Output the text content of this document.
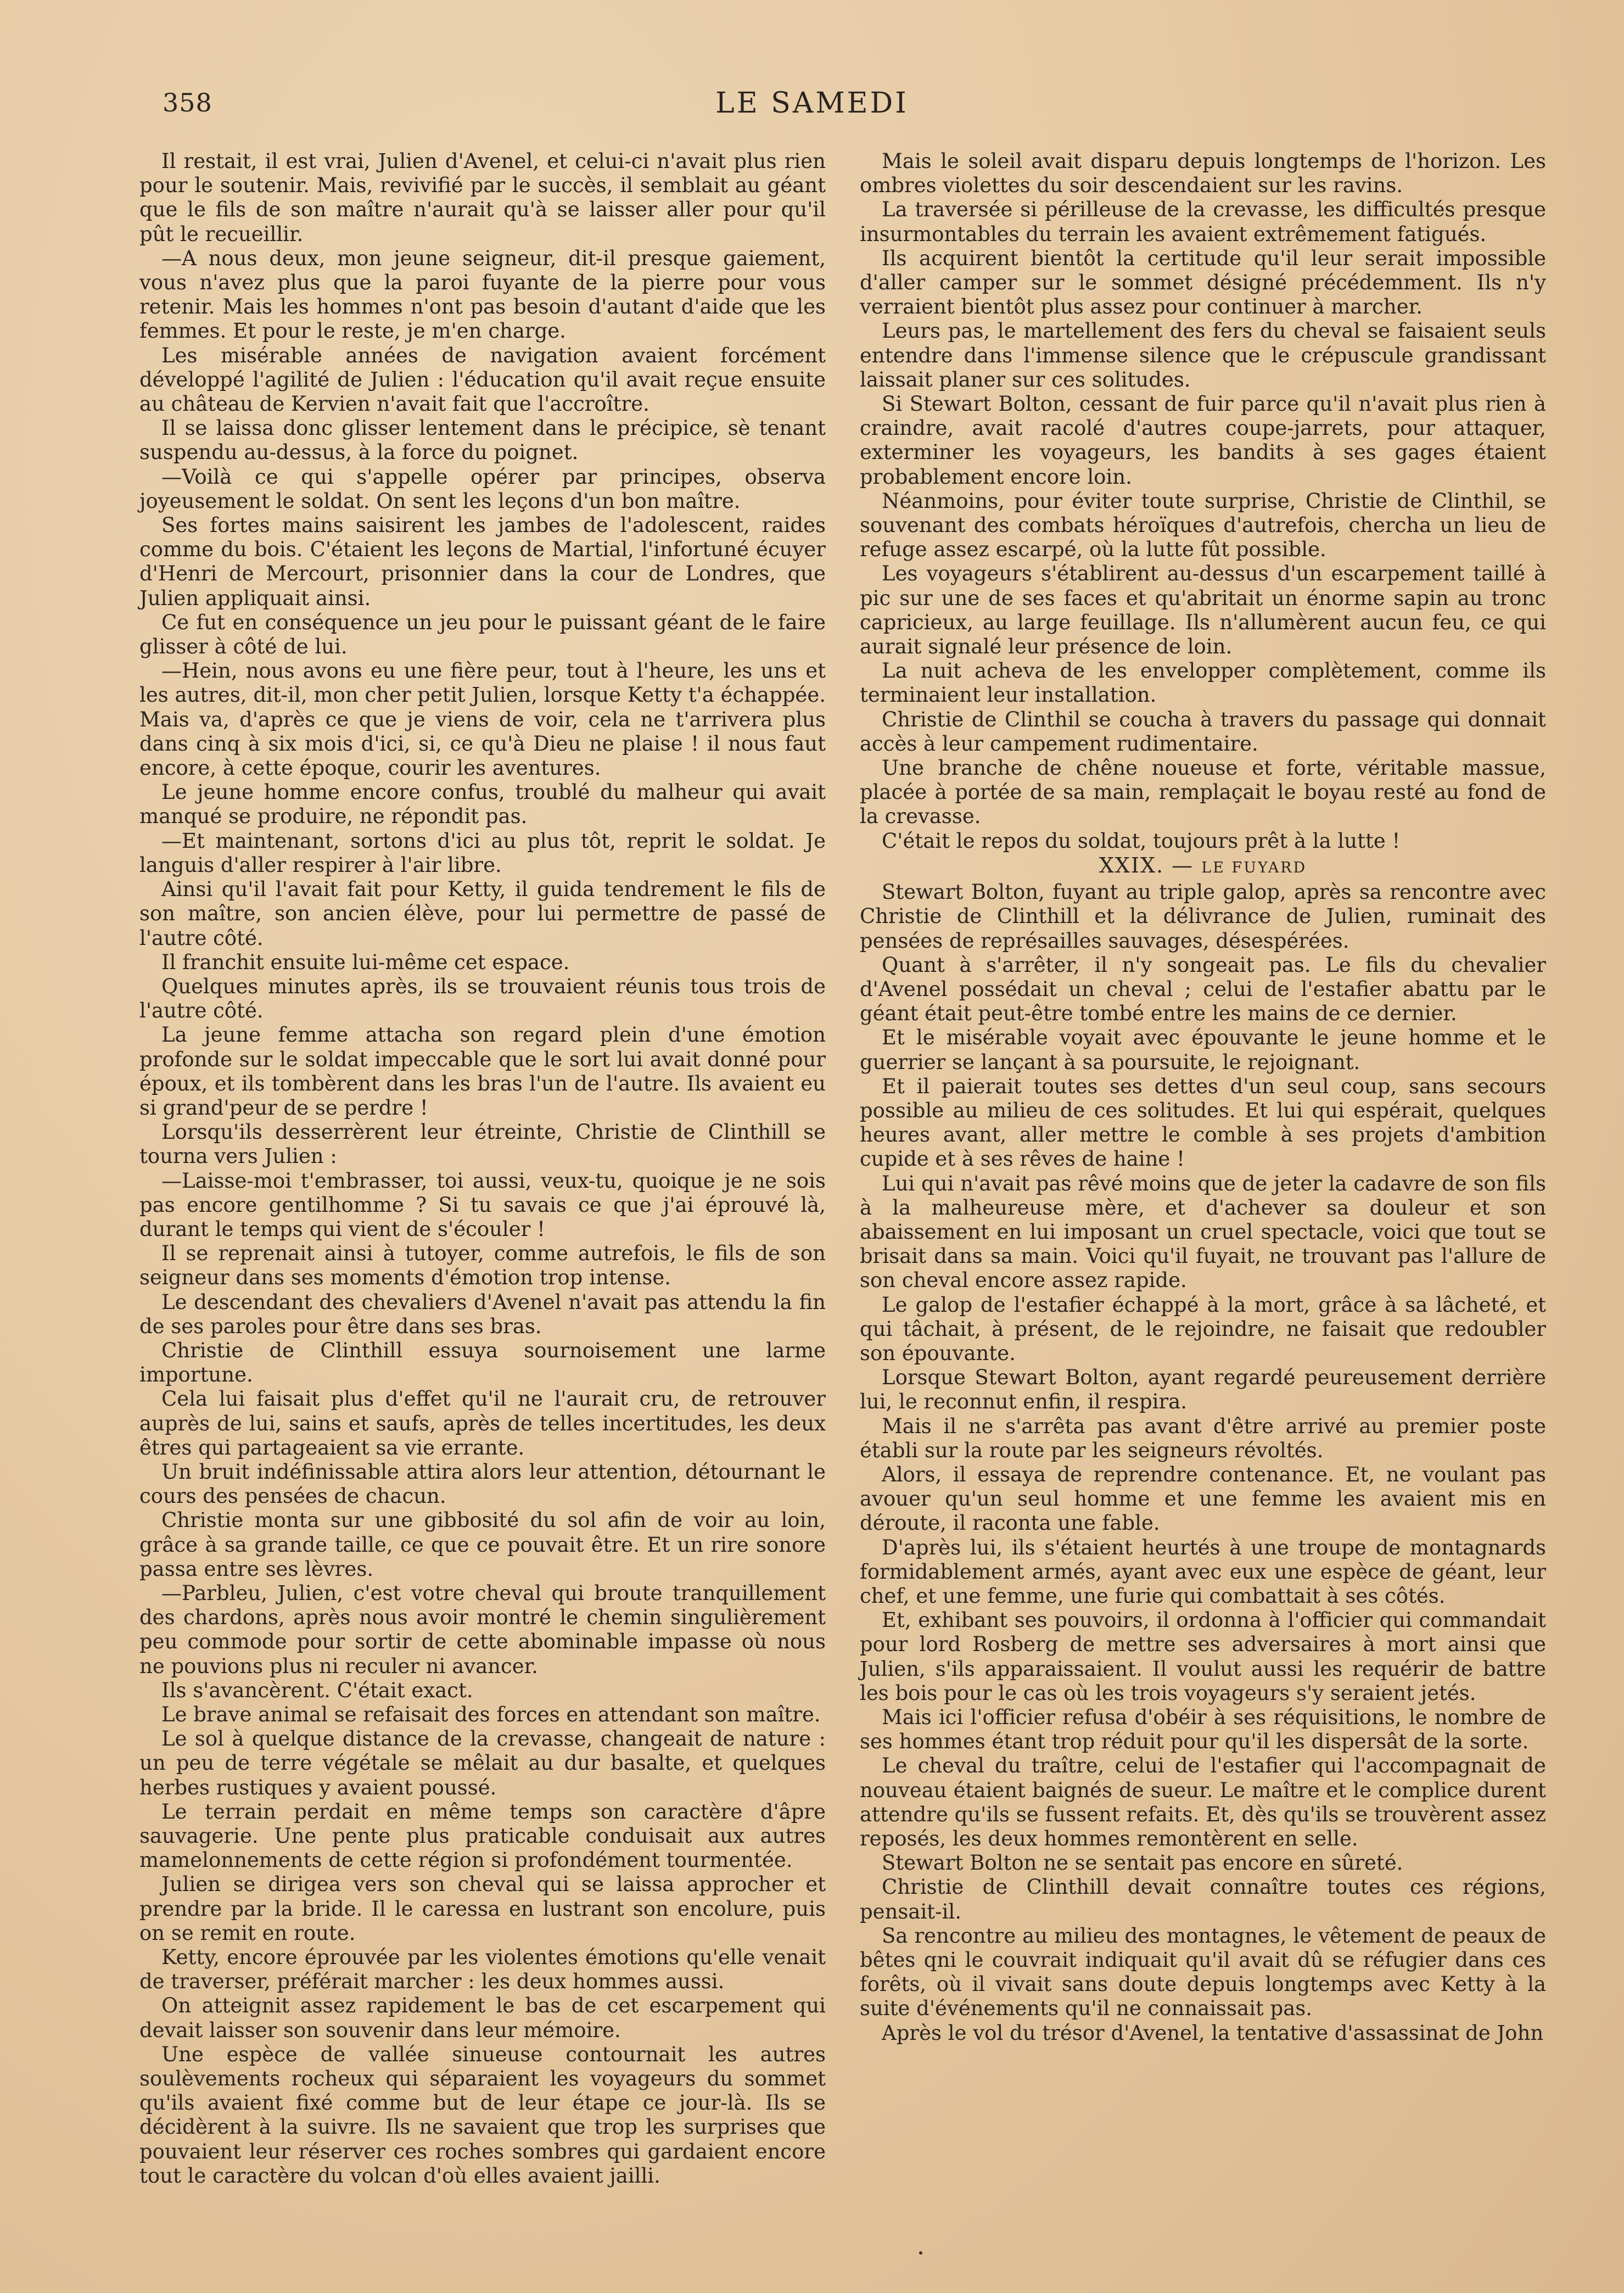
358	LE SAMEDI

Il restait, il est vrai, Julien d'Avenel, et celui-ci n'avait plus rien pour le soutenir. Mais, revivifié par le succès, il semblait au géant que le fils de son maître n'aurait qu'à se laisser aller pour qu'il pût le recueillir.

—A nous deux, mon jeune seigneur, dit-il presque gaiement, vous n'avez plus que la paroi fuyante de la pierre pour vous retenir. Mais les hommes n'ont pas besoin d'autant d'aide que les femmes. Et pour le reste, je m'en charge.

Les misérable années de navigation avaient forcément développé l'agilité de Julien : l'éducation qu'il avait reçue ensuite au château de Kervien n'avait fait que l'accroître.

Il se laissa donc glisser lentement dans le précipice, sè tenant suspendu au-dessus, à la force du poignet.

—Voilà ce qui s'appelle opérer par principes, observa joyeusement le soldat. On sent les leçons d'un bon maître.

Ses fortes mains saisirent les jambes de l'adolescent, raides comme du bois. C'étaient les leçons de Martial, l'infortuné écuyer d'Henri de Mercourt, prisonnier dans la cour de Londres, que Julien appliquait ainsi.

Ce fut en conséquence un jeu pour le puissant géant de le faire glisser à côté de lui.

—Hein, nous avons eu une fière peur, tout à l'heure, les uns et les autres, dit-il, mon cher petit Julien, lorsque Ketty t'a échappée. Mais va, d'après ce que je viens de voir, cela ne t'arrivera plus dans cinq à six mois d'ici, si, ce qu'à Dieu ne plaise ! il nous faut encore, à cette époque, courir les aventures.

Le jeune homme encore confus, troublé du malheur qui avait manqué se produire, ne répondit pas.

—Et maintenant, sortons d'ici au plus tôt, reprit le soldat. Je languis d'aller respirer à l'air libre.

Ainsi qu'il l'avait fait pour Ketty, il guida tendrement le fils de son maître, son ancien élève, pour lui permettre de passé de l'autre côté.

Il franchit ensuite lui-même cet espace.

Quelques minutes après, ils se trouvaient réunis tous trois de l'autre côté.

La jeune femme attacha son regard plein d'une émotion profonde sur le soldat impeccable que le sort lui avait donné pour époux, et ils tombèrent dans les bras l'un de l'autre. Ils avaient eu si grand'peur de se perdre !

Lorsqu'ils desserrèrent leur étreinte, Christie de Clinthill se tourna vers Julien :

—Laisse-moi t'embrasser, toi aussi, veux-tu, quoique je ne sois pas encore gentilhomme ? Si tu savais ce que j'ai éprouvé là, durant le temps qui vient de s'écouler !

Il se reprenait ainsi à tutoyer, comme autrefois, le fils de son seigneur dans ses moments d'émotion trop intense.

Le descendant des chevaliers d'Avenel n'avait pas attendu la fin de ses paroles pour être dans ses bras.

Christie de Clinthill essuya sournoisement une larme importune.

Cela lui faisait plus d'effet qu'il ne l'aurait cru, de retrouver auprès de lui, sains et saufs, après de telles incertitudes, les deux êtres qui partageaient sa vie errante.

Un bruit indéfinissable attira alors leur attention, détournant le cours des pensées de chacun.

Christie monta sur une gibbosité du sol afin de voir au loin, grâce à sa grande taille, ce que ce pouvait être. Et un rire sonore passa entre ses lèvres.

—Parbleu, Julien, c'est votre cheval qui broute tranquillement des chardons, après nous avoir montré le chemin singulièrement peu commode pour sortir de cette abominable impasse où nous ne pouvions plus ni reculer ni avancer.

Ils s'avancèrent. C'était exact.

Le brave animal se refaisait des forces en attendant son maître.

Le sol à quelque distance de la crevasse, changeait de nature : un peu de terre végétale se mêlait au dur basalte, et quelques herbes rustiques y avaient poussé.

Le terrain perdait en même temps son caractère d'âpre sauvagerie. Une pente plus praticable conduisait aux autres mamelonnements de cette région si profondément tourmentée.

Julien se dirigea vers son cheval qui se laissa approcher et prendre par la bride. Il le caressa en lustrant son encolure, puis on se remit en route.

Ketty, encore éprouvée par les violentes émotions qu'elle venait de traverser, préférait marcher : les deux hommes aussi.

On atteignit assez rapidement le bas de cet escarpement qui devait laisser son souvenir dans leur mémoire.

Une espèce de vallée sinueuse contournait les autres soulèvements rocheux qui séparaient les voyageurs du sommet qu'ils avaient fixé comme but de leur étape ce jour-là. Ils se décidèrent à la suivre. Ils ne savaient que trop les surprises que pouvaient leur réserver ces roches sombres qui gardaient encore tout le caractère du volcan d'où elles avaient jailli.

Mais le soleil avait disparu depuis longtemps de l'horizon. Les ombres violettes du soir descendaient sur les ravins.

La traversée si périlleuse de la crevasse, les difficultés presque insurmontables du terrain les avaient extrêmement fatigués.

Ils acquirent bientôt la certitude qu'il leur serait impossible d'aller camper sur le sommet désigné précédemment. Ils n'y verraient bientôt plus assez pour continuer à marcher.

Leurs pas, le martellement des fers du cheval se faisaient seuls entendre dans l'immense silence que le crépuscule grandissant laissait planer sur ces solitudes.

Si Stewart Bolton, cessant de fuir parce qu'il n'avait plus rien à craindre, avait racolé d'autres coupe-jarrets, pour attaquer, exterminer les voyageurs, les bandits à ses gages étaient probablement encore loin.

Néanmoins, pour éviter toute surprise, Christie de Clinthil, se souvenant des combats héroïques d'autrefois, chercha un lieu de refuge assez escarpé, où la lutte fût possible.

Les voyageurs s'établirent au-dessus d'un escarpement taillé à pic sur une de ses faces et qu'abritait un énorme sapin au tronc capricieux, au large feuillage. Ils n'allumèrent aucun feu, ce qui aurait signalé leur présence de loin.

La nuit acheva de les envelopper complètement, comme ils terminaient leur installation.

Christie de Clinthil se coucha à travers du passage qui donnait accès à leur campement rudimentaire.

Une branche de chêne noueuse et forte, véritable massue, placée à portée de sa main, remplaçait le boyau resté au fond de la crevasse.

C'était le repos du soldat, toujours prêt à la lutte !

XXIX. — LE FUYARD

Stewart Bolton, fuyant au triple galop, après sa rencontre avec Christie de Clinthill et la délivrance de Julien, ruminait des pensées de représailles sauvages, désespérées.

Quant à s'arrêter, il n'y songeait pas. Le fils du chevalier d'Avenel possédait un cheval ; celui de l'estafier abattu par le géant était peut-être tombé entre les mains de ce dernier.

Et le misérable voyait avec épouvante le jeune homme et le guerrier se lançant à sa poursuite, le rejoignant.

Et il paierait toutes ses dettes d'un seul coup, sans secours possible au milieu de ces solitudes. Et lui qui espérait, quelques heures avant, aller mettre le comble à ses projets d'ambition cupide et à ses rêves de haine !

Lui qui n'avait pas rêvé moins que de jeter la cadavre de son fils à la malheureuse mère, et d'achever sa douleur et son abaissement en lui imposant un cruel spectacle, voici que tout se brisait dans sa main. Voici qu'il fuyait, ne trouvant pas l'allure de son cheval encore assez rapide.

Le galop de l'estafier échappé à la mort, grâce à sa lâcheté, et qui tâchait, à présent, de le rejoindre, ne faisait que redoubler son épouvante.

Lorsque Stewart Bolton, ayant regardé peureusement derrière lui, le reconnut enfin, il respira.

Mais il ne s'arrêta pas avant d'être arrivé au premier poste établi sur la route par les seigneurs révoltés.

Alors, il essaya de reprendre contenance. Et, ne voulant pas avouer qu'un seul homme et une femme les avaient mis en déroute, il raconta une fable.

D'après lui, ils s'étaient heurtés à une troupe de montagnards formidablement armés, ayant avec eux une espèce de géant, leur chef, et une femme, une furie qui combattait à ses côtés.

Et, exhibant ses pouvoirs, il ordonna à l'officier qui commandait pour lord Rosberg de mettre ses adversaires à mort ainsi que Julien, s'ils apparaissaient. Il voulut aussi les requérir de battre les bois pour le cas où les trois voyageurs s'y seraient jetés.

Mais ici l'officier refusa d'obéir à ses réquisitions, le nombre de ses hommes étant trop réduit pour qu'il les dispersât de la sorte.

Le cheval du traître, celui de l'estafier qui l'accompagnait de nouveau étaient baignés de sueur. Le maître et le complice durent attendre qu'ils se fussent refaits. Et, dès qu'ils se trouvèrent assez reposés, les deux hommes remontèrent en selle.

Stewart Bolton ne se sentait pas encore en sûreté.

Christie de Clinthill devait connaître toutes ces régions, pensait-il.

Sa rencontre au milieu des montagnes, le vêtement de peaux de bêtes qni le couvrait indiquait qu'il avait dû se réfugier dans ces forêts, où il vivait sans doute depuis longtemps avec Ketty à la suite d'événements qu'il ne connaissait pas.

Après le vol du trésor d'Avenel, la tentative d'assassinat de John
